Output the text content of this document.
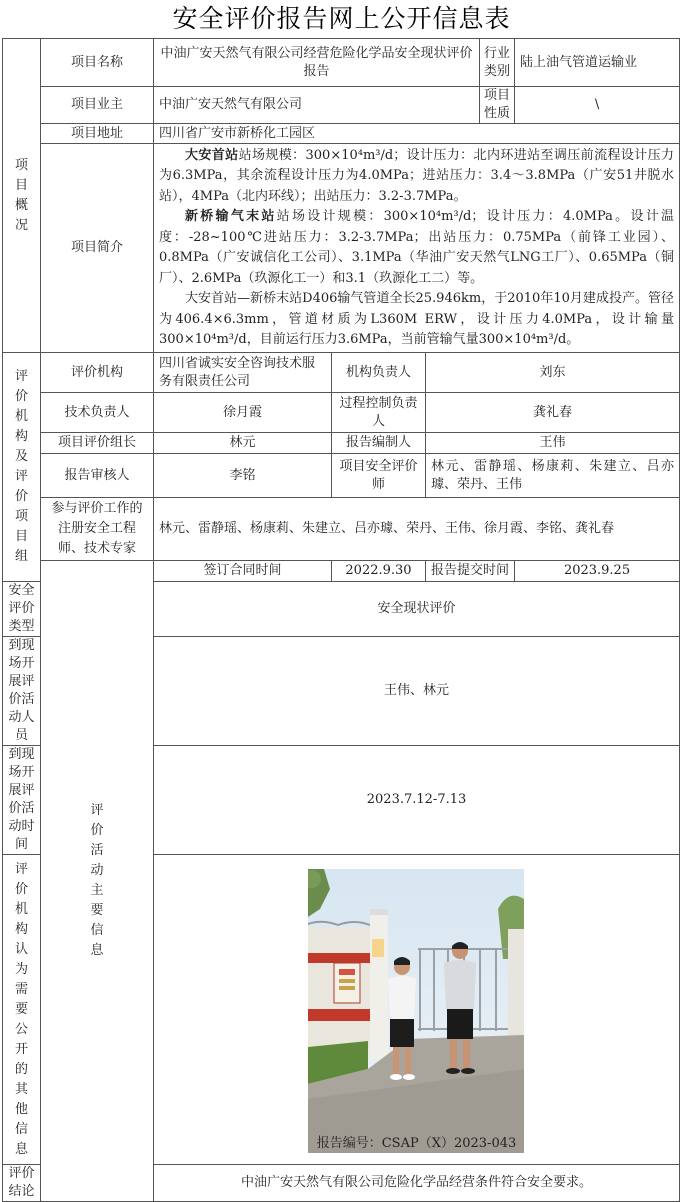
安全评价报告网上公开信息表
项目概况	项目名称	中油广安天然气有限公司经营危险化学品安全现状评价报告			行业类别	陆上油气管道运输业
	项目业主	中油广安天然气有限公司			项目性质	\
	项目地址	四川省广安市新桥化工园区				
	项目简介	大安首站站场规模：300×10⁴m³/d；设计压力：北内环进站至调压前流程设计压力为6.3MPa，其余流程设计压力为4.0MPa；进站压力：3.4～3.8MPa（广安51井脱水站），4MPa（北内环线）；出站压力：3.2-3.7MPa。

新桥输气末站站场设计规模：300×10⁴m³/d；设计压力：4.0MPa。设计温度：-28~100℃进站压力：3.2-3.7MPa；出站压力：0.75MPa（前锋工业园）、0.8MPa（广安诚信化工公司）、3.1MPa（华油广安天然气LNG工厂）、0.65MPa（铜厂）、2.6MPa（玖源化工一）和3.1（玖源化工二）等。

大安首站—新桥末站D406输气管道全长25.946km，于2010年10月建成投产。管径为406.4×6.3mm，管道材质为L360M ERW，设计压力4.0MPa，设计输量300×10⁴m³/d，目前运行压力3.6MPa，当前管输气量300×10⁴m³/d。				

评价机构及评价项目组	评价机构	四川省诚实安全咨询技术服务有限责任公司	机构负责人	刘东		
	技术负责人	徐月霞	过程控制负责人	龚礼春		
	项目评价组长	林元	报告编制人	王伟		
	报告审核人	李铭	项目安全评价师	林元、雷静瑶、杨康莉、朱建立、吕亦璩、荣丹、王伟		
	参与评价工作的注册安全工程师、技术专家	林元、雷静瑶、杨康莉、朱建立、吕亦璩、荣丹、王伟、徐月霞、李铭、龚礼春				
	评价活动主要信息	签订合同时间	2022.9.30	报告提交时间		2023.9.25
安全评价类型		安全现状评价				
到现场开展评价活动人员		王伟、林元				
到现场开展评价活动时间		2023.7.12-7.13				
评价机构认为需要公开的其他信息		报告编号：CSAP（X）2023-043				

评价结论		中油广安天然气有限公司危险化学品经营条件符合安全要求。				
